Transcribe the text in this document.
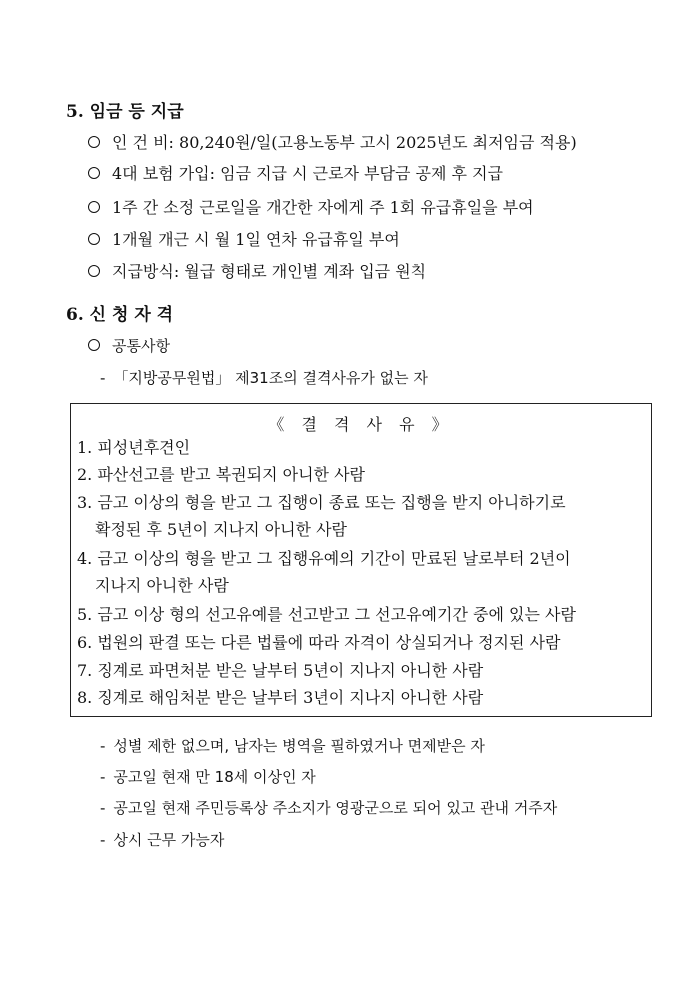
5. 임금 등 지급
인 건 비: 80,240원/일(고용노동부 고시 2025년도 최저임금 적용)
4대 보험 가입: 임금 지급 시 근로자 부담금 공제 후 지급
1주 간 소정 근로일을 개간한 자에게 주 1회 유급휴일을 부여
1개월 개근 시 월 1일 연차 유급휴일 부여
지급방식: 월급 형태로 개인별 계좌 입금 원칙
6. 신 청 자 격
공통사항
- 「지방공무원법」 제31조의 결격사유가 없는 자
《 결 격 사 유 》
1. 피성년후견인
2. 파산선고를 받고 복권되지 아니한 사람
3. 금고 이상의 형을 받고 그 집행이 종료 또는 집행을 받지 아니하기로
확정된 후 5년이 지나지 아니한 사람
4. 금고 이상의 형을 받고 그 집행유예의 기간이 만료된 날로부터 2년이
지나지 아니한 사람
5. 금고 이상 형의 선고유예를 선고받고 그 선고유예기간 중에 있는 사람
6. 법원의 판결 또는 다른 법률에 따라 자격이 상실되거나 정지된 사람
7. 징계로 파면처분 받은 날부터 5년이 지나지 아니한 사람
8. 징계로 해임처분 받은 날부터 3년이 지나지 아니한 사람
- 성별 제한 없으며, 남자는 병역을 필하였거나 면제받은 자
- 공고일 현재 만 18세 이상인 자
- 공고일 현재 주민등록상 주소지가 영광군으로 되어 있고 관내 거주자
- 상시 근무 가능자
